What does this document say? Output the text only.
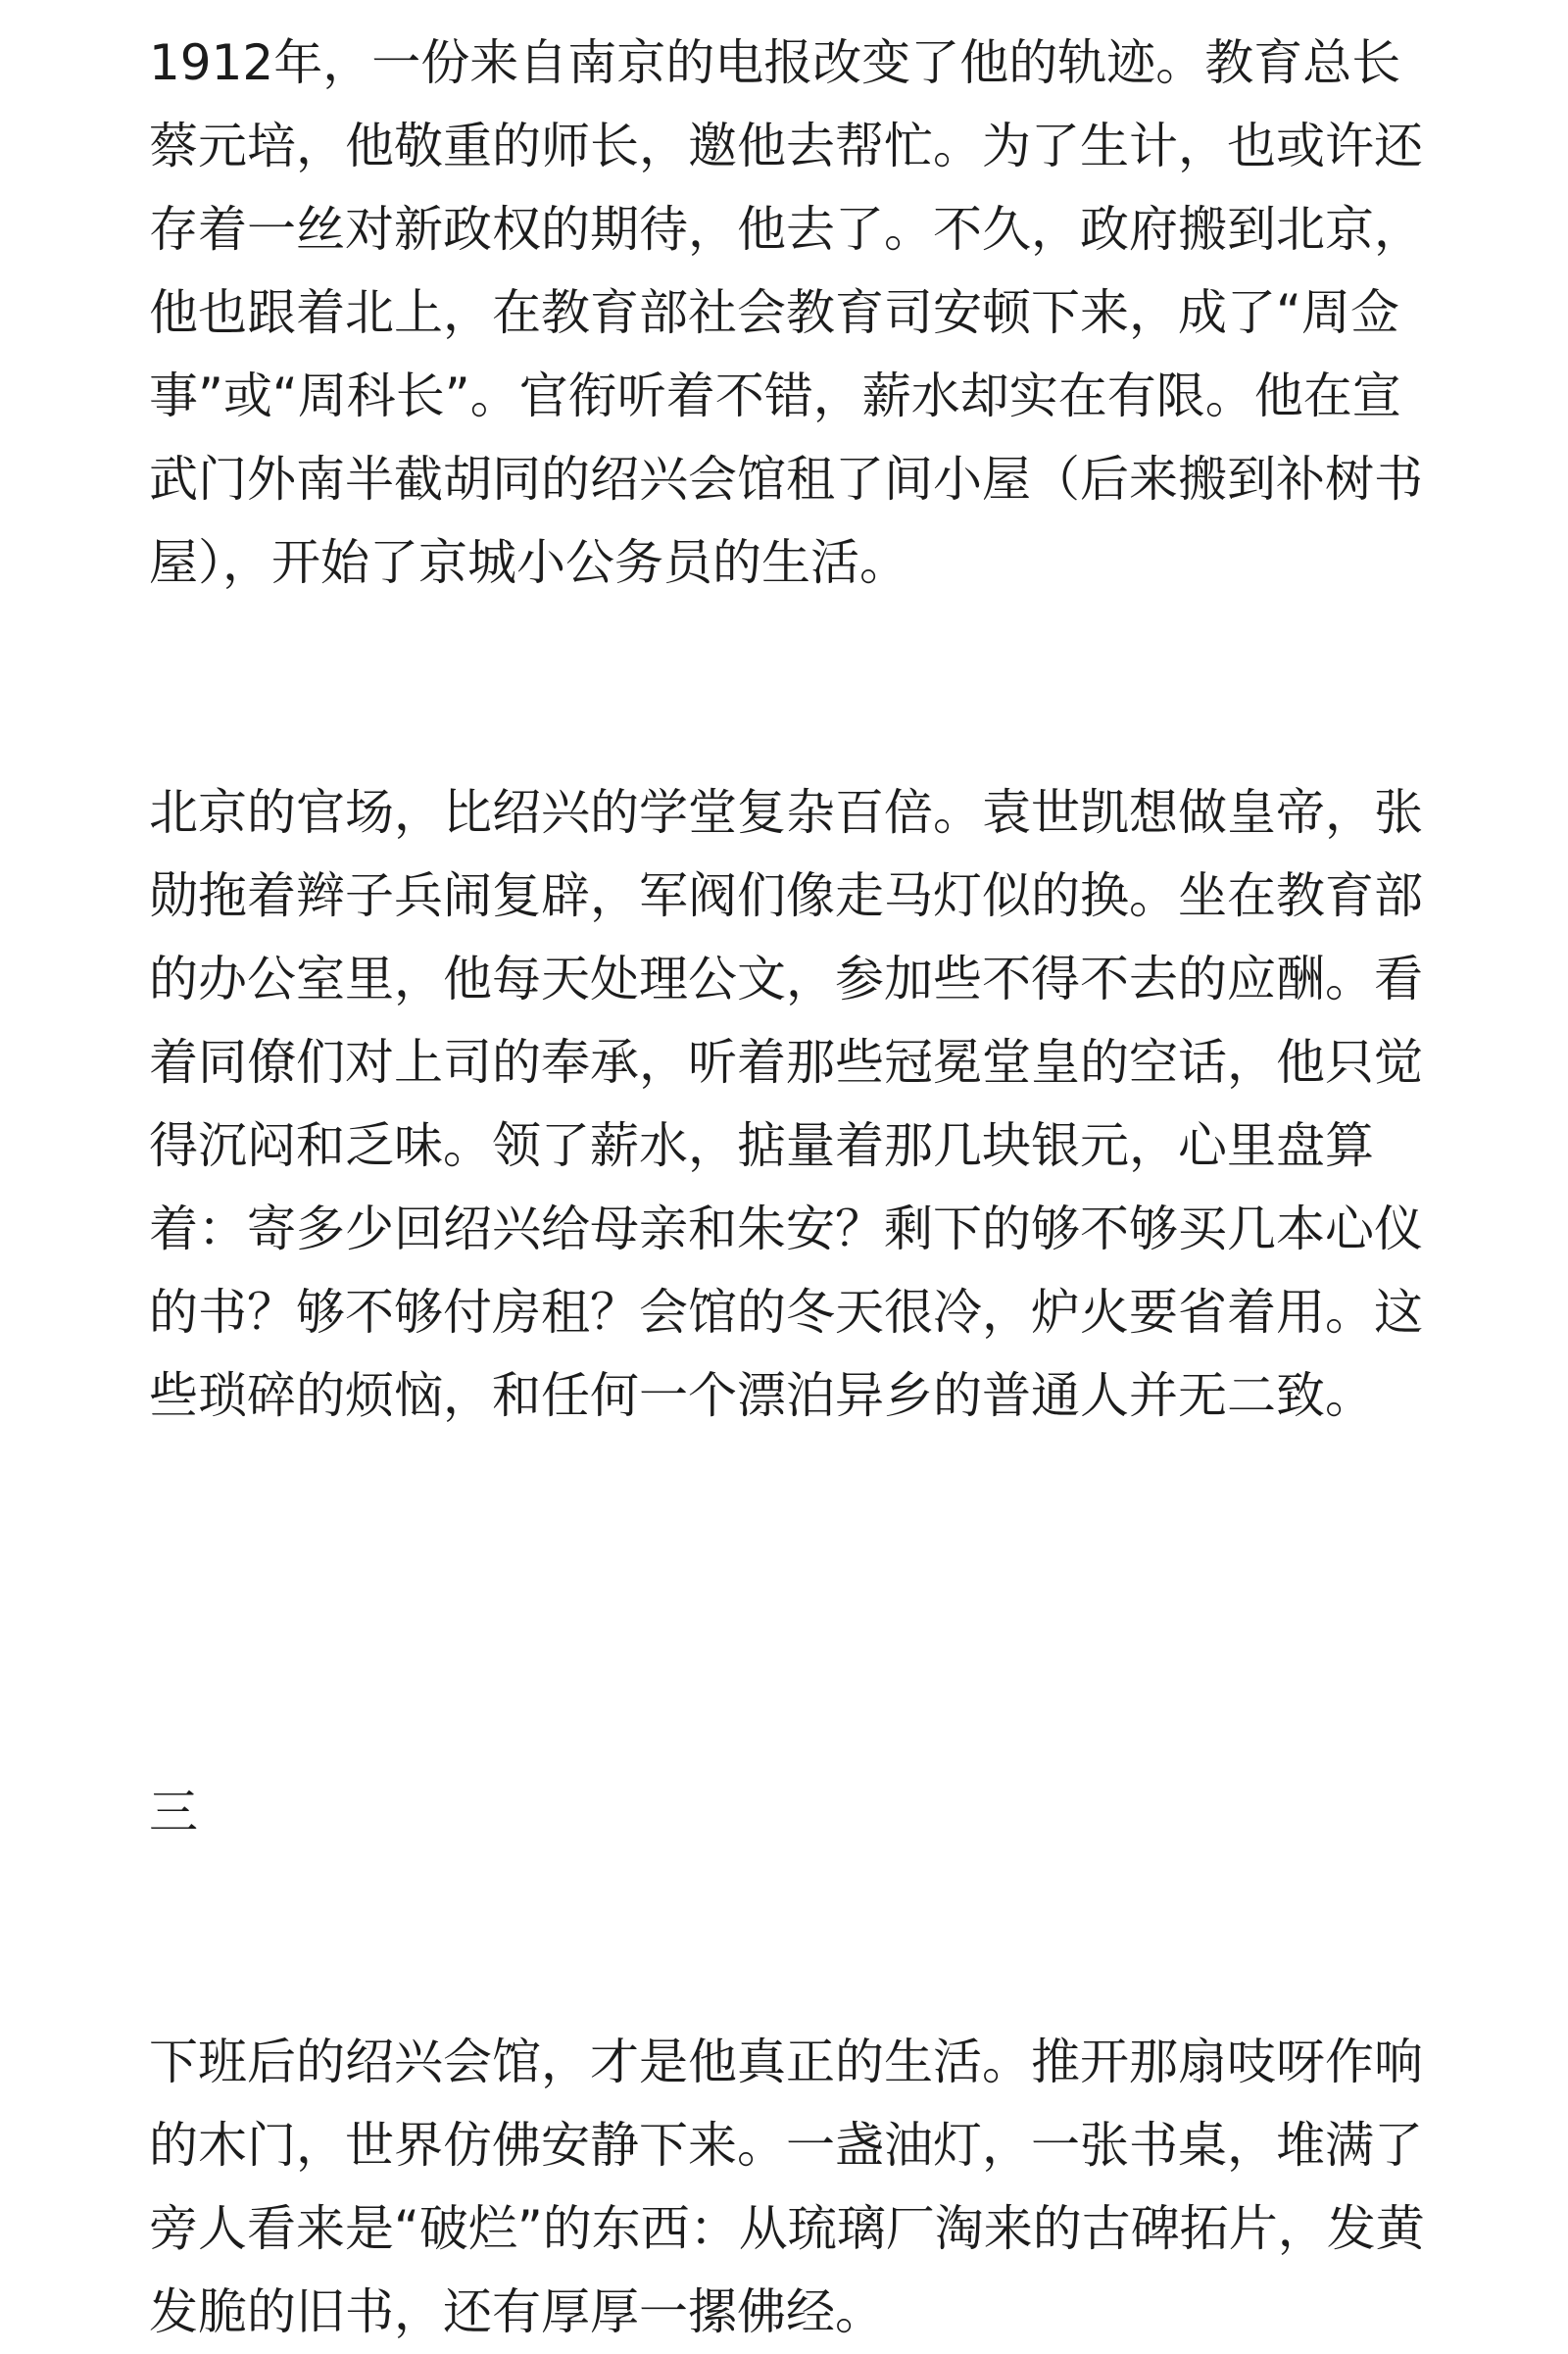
1912年，一份来自南京的电报改变了他的轨迹。教育总长蔡元培，他敬重的师长，邀他去帮忙。为了生计，也或许还存着一丝对新政权的期待，他去了。不久，政府搬到北京，他也跟着北上，在教育部社会教育司安顿下来，成了“周佥事”或“周科长”。官衔听着不错，薪水却实在有限。他在宣武门外南半截胡同的绍兴会馆租了间小屋（后来搬到补树书屋），开始了京城小公务员的生活。
北京的官场，比绍兴的学堂复杂百倍。袁世凯想做皇帝，张勋拖着辫子兵闹复辟，军阀们像走马灯似的换。坐在教育部的办公室里，他每天处理公文，参加些不得不去的应酬。看着同僚们对上司的奉承，听着那些冠冕堂皇的空话，他只觉得沉闷和乏味。领了薪水，掂量着那几块银元，心里盘算着：寄多少回绍兴给母亲和朱安？剩下的够不够买几本心仪的书？够不够付房租？会馆的冬天很冷，炉火要省着用。这些琐碎的烦恼，和任何一个漂泊异乡的普通人并无二致。
三
下班后的绍兴会馆，才是他真正的生活。推开那扇吱呀作响的木门，世界仿佛安静下来。一盏油灯，一张书桌，堆满了旁人看来是“破烂”的东西：从琉璃厂淘来的古碑拓片，发黄发脆的旧书，还有厚厚一摞佛经。
